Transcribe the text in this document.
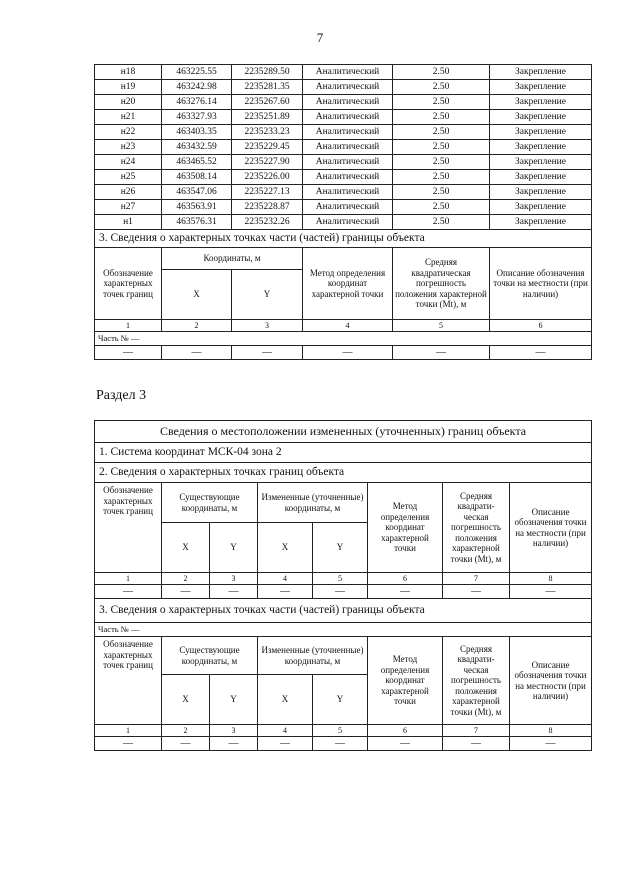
7
н18	463225.55	2235289.50	Аналитический	2.50	Закрепление
н19	463242.98	2235281.35	Аналитический	2.50	Закрепление
н20	463276.14	2235267.60	Аналитический	2.50	Закрепление
н21	463327.93	2235251.89	Аналитический	2.50	Закрепление
н22	463403.35	2235233.23	Аналитический	2.50	Закрепление
н23	463432.59	2235229.45	Аналитический	2.50	Закрепление
н24	463465.52	2235227.90	Аналитический	2.50	Закрепление
н25	463508.14	2235226.00	Аналитический	2.50	Закрепление
н26	463547.06	2235227.13	Аналитический	2.50	Закрепление
н27	463563.91	2235228.87	Аналитический	2.50	Закрепление
н1	463576.31	2235232.26	Аналитический	2.50	Закрепление
3. Сведения о характерных точках части (частей) границы объекта					
Обозначение характерных точек границ	Координаты, м		Метод определения координат характерной точки	Средняя квадратическая погрешность положения характерной точки (Mt), м	Описание обозначения точки на местности (при наличии)
	X	Y			
1	2	3	4	5	6
Часть № —					
—	—	—	—	—	—
Раздел 3
Сведения о местоположении измененных (уточненных) границ объекта							
1. Система координат МСК-04 зона 2							
2. Сведения о характерных точках границ объекта							
Обозначение характерных точек границ	Существующие координаты, м		Измененные (уточненные) координаты, м		Метод определения координат характерной точки	Средняя квадрати-ческая погрешность положения характерной точки (Mt), м	Описание обозначения точки на местности (при наличии)
	X	Y	X	Y			
1	2	3	4	5	6	7	8
—	—	—	—	—	—	—	—
3. Сведения о характерных точках части (частей) границы объекта							
Часть № —							
Обозначение характерных точек границ	Существующие координаты, м		Измененные (уточненные) координаты, м		Метод определения координат характерной точки	Средняя квадрати-ческая погрешность положения характерной точки (Mt), м	Описание обозначения точки на местности (при наличии)
	X	Y	X	Y			
1	2	3	4	5	6	7	8
—	—	—	—	—	—	—	—
